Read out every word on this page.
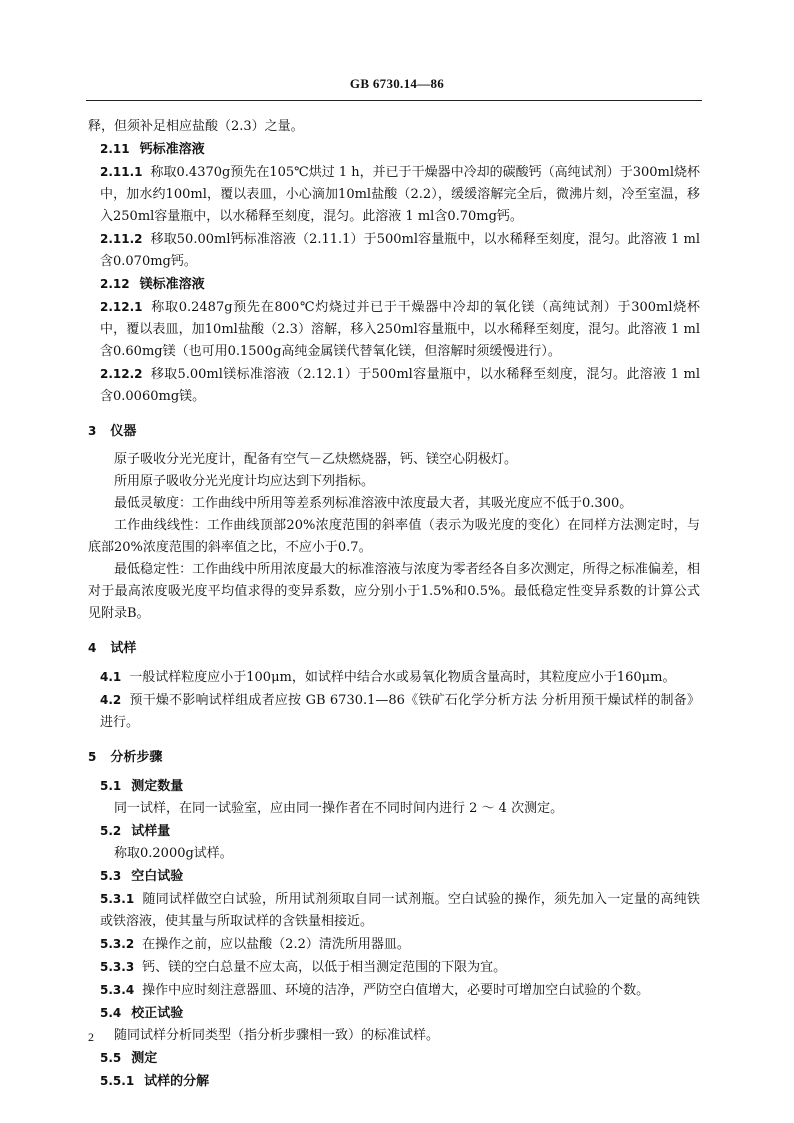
GB 6730.14—86

释，但须补足相应盐酸（2.3）之量。

2.11 钙标准溶液

2.11.1 称取0.4370g预先在105℃烘过 1 h，并已于干燥器中冷却的碳酸钙（高纯试剂）于300ml烧杯中，加水约100ml，覆以表皿，小心滴加10ml盐酸（2.2），缓缓溶解完全后，微沸片刻，冷至室温，移入250ml容量瓶中，以水稀释至刻度，混匀。此溶液 1 ml含0.70mg钙。

2.11.2 移取50.00ml钙标准溶液（2.11.1）于500ml容量瓶中，以水稀释至刻度，混匀。此溶液 1 ml含0.070mg钙。

2.12 镁标准溶液

2.12.1 称取0.2487g预先在800℃灼烧过并已于干燥器中冷却的氧化镁（高纯试剂）于300ml烧杯中，覆以表皿，加10ml盐酸（2.3）溶解，移入250ml容量瓶中，以水稀释至刻度，混匀。此溶液 1 ml含0.60mg镁（也可用0.1500g高纯金属镁代替氧化镁，但溶解时须缓慢进行）。

2.12.2 移取5.00ml镁标准溶液（2.12.1）于500ml容量瓶中，以水稀释至刻度，混匀。此溶液 1 ml含0.0060mg镁。

3 仪器

原子吸收分光光度计，配备有空气－乙炔燃烧器，钙、镁空心阴极灯。

所用原子吸收分光光度计均应达到下列指标。

最低灵敏度：工作曲线中所用等差系列标准溶液中浓度最大者，其吸光度应不低于0.300。

工作曲线线性：工作曲线顶部20%浓度范围的斜率值（表示为吸光度的变化）在同样方法测定时，与底部20%浓度范围的斜率值之比，不应小于0.7。

最低稳定性：工作曲线中所用浓度最大的标准溶液与浓度为零者经各自多次测定，所得之标准偏差，相对于最高浓度吸光度平均值求得的变异系数，应分别小于1.5%和0.5%。最低稳定性变异系数的计算公式见附录B。

4 试样

4.1 一般试样粒度应小于100μm，如试样中结合水或易氧化物质含量高时，其粒度应小于160μm。

4.2 预干燥不影响试样组成者应按 GB 6730.1—86《铁矿石化学分析方法 分析用预干燥试样的制备》进行。

5 分析步骤

5.1 测定数量

同一试样，在同一试验室，应由同一操作者在不同时间内进行 2 ～ 4 次测定。

5.2 试样量

称取0.2000g试样。

5.3 空白试验

5.3.1 随同试样做空白试验，所用试剂须取自同一试剂瓶。空白试验的操作，须先加入一定量的高纯铁或铁溶液，使其量与所取试样的含铁量相接近。

5.3.2 在操作之前，应以盐酸（2.2）清洗所用器皿。

5.3.3 钙、镁的空白总量不应太高，以低于相当测定范围的下限为宜。

5.3.4 操作中应时刻注意器皿、环境的洁净，严防空白值增大，必要时可增加空白试验的个数。

5.4 校正试验

随同试样分析同类型（指分析步骤相一致）的标准试样。

5.5 测定

5.5.1 试样的分解

2
